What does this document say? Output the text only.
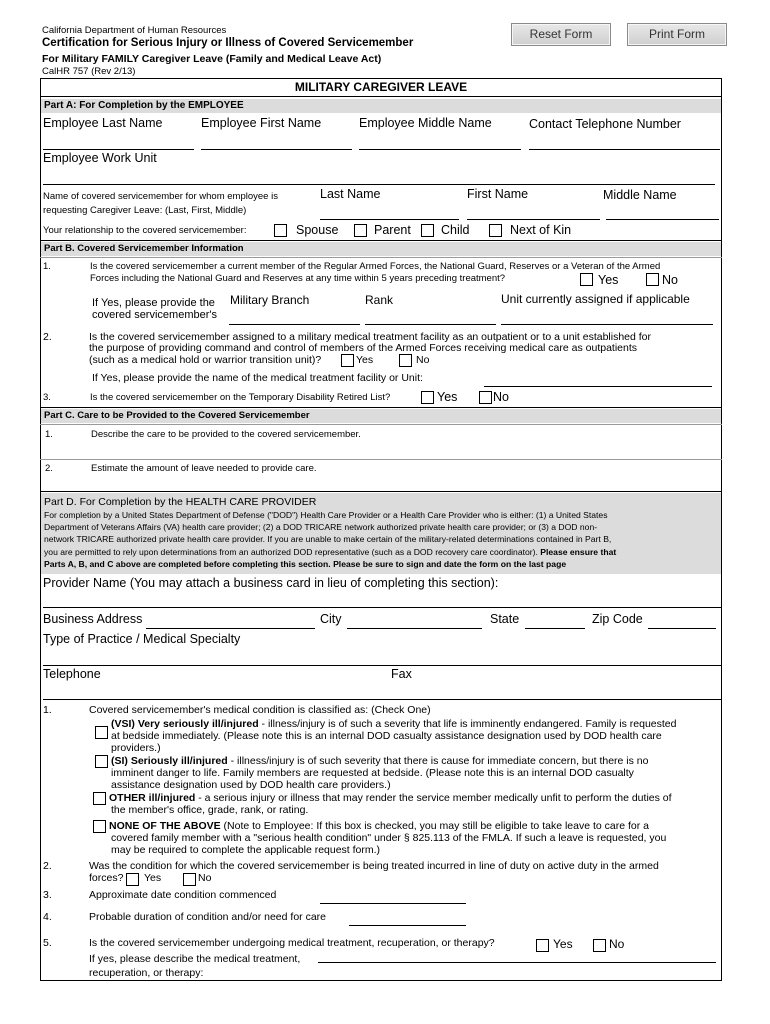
California Department of Human Resources
Certification for Serious Injury or Illness of Covered Servicemember
For Military FAMILY Caregiver Leave (Family and Medical Leave Act)
CalHR 757 (Rev 2/13)
Reset Form	Print Form
MILITARY CAREGIVER LEAVE
Part A: For Completion by the EMPLOYEE
Employee Last Name	Employee First Name	Employee Middle Name	Contact Telephone Number
Employee Work Unit
Name of covered servicemember for whom employee is
requesting Caregiver Leave: (Last, First, Middle)
Last Name	First Name	Middle Name
Your relationship to the covered servicemember:	Spouse	Parent Child	Next of Kin
Part B. Covered Servicemember Information
1.	Is the covered servicemember a current member of the Regular Armed Forces, the National Guard, Reserves or a Veteran of the Armed
Forces including the National Guard and Reserves at any time within 5 years preceding treatment?	Yes	No
If Yes, please provide the
covered servicemember's
Military Branch	Rank	Unit currently assigned if applicable
2.	Is the covered servicemember assigned to a military medical treatment facility as an outpatient or to a unit established for
the purpose of providing command and control of members of the Armed Forces receiving medical care as outpatients
(such as a medical hold or warrior transition unit)?	Yes	No
If Yes, please provide the name of the medical treatment facility or Unit:
3.	Is the covered servicemember on the Temporary Disability Retired List?	Yes	No
Part C. Care to be Provided to the Covered Servicemember
1.	Describe the care to be provided to the covered servicemember.
2.	Estimate the amount of leave needed to provide care.
Part D. For Completion by the HEALTH CARE PROVIDER
For completion by a United States Department of Defense ("DOD") Health Care Provider or a Health Care Provider who is either: (1) a United States
Department of Veterans Affairs (VA) health care provider; (2) a DOD TRICARE network authorized private health care provider; or (3) a DOD non-
network TRICARE authorized private health care provider. If you are unable to make certain of the military-related determinations contained in Part B,
you are permitted to rely upon determinations from an authorized DOD representative (such as a DOD recovery care coordinator). Please ensure that
Parts A, B, and C above are completed before completing this section. Please be sure to sign and date the form on the last page
Provider Name (You may attach a business card in lieu of completing this section):
Business Address	City	State	Zip Code
Type of Practice / Medical Specialty
Telephone	Fax
1.	Covered servicemember's medical condition is classified as: (Check One)
(VSI) Very seriously ill/injured - illness/injury is of such a severity that life is imminently endangered. Family is requested
at bedside immediately. (Please note this is an internal DOD casualty assistance designation used by DOD health care
providers.)
(SI) Seriously ill/injured - illness/injury is of such severity that there is cause for immediate concern, but there is no
imminent danger to life. Family members are requested at bedside. (Please note this is an internal DOD casualty
assistance designation used by DOD health care providers.)
OTHER ill/injured - a serious injury or illness that may render the service member medically unfit to perform the duties of
the member's office, grade, rank, or rating.
NONE OF THE ABOVE (Note to Employee: If this box is checked, you may still be eligible to take leave to care for a
covered family member with a "serious health condition" under § 825.113 of the FMLA. If such a leave is requested, you
may be required to complete the applicable request form.)
2.	Was the condition for which the covered servicemember is being treated incurred in line of duty on active duty in the armed
forces? Yes	No
3.	Approximate date condition commenced
4.	Probable duration of condition and/or need for care
5.	Is the covered servicemember undergoing medical treatment, recuperation, or therapy?	Yes	No
If yes, please describe the medical treatment,
recuperation, or therapy:
